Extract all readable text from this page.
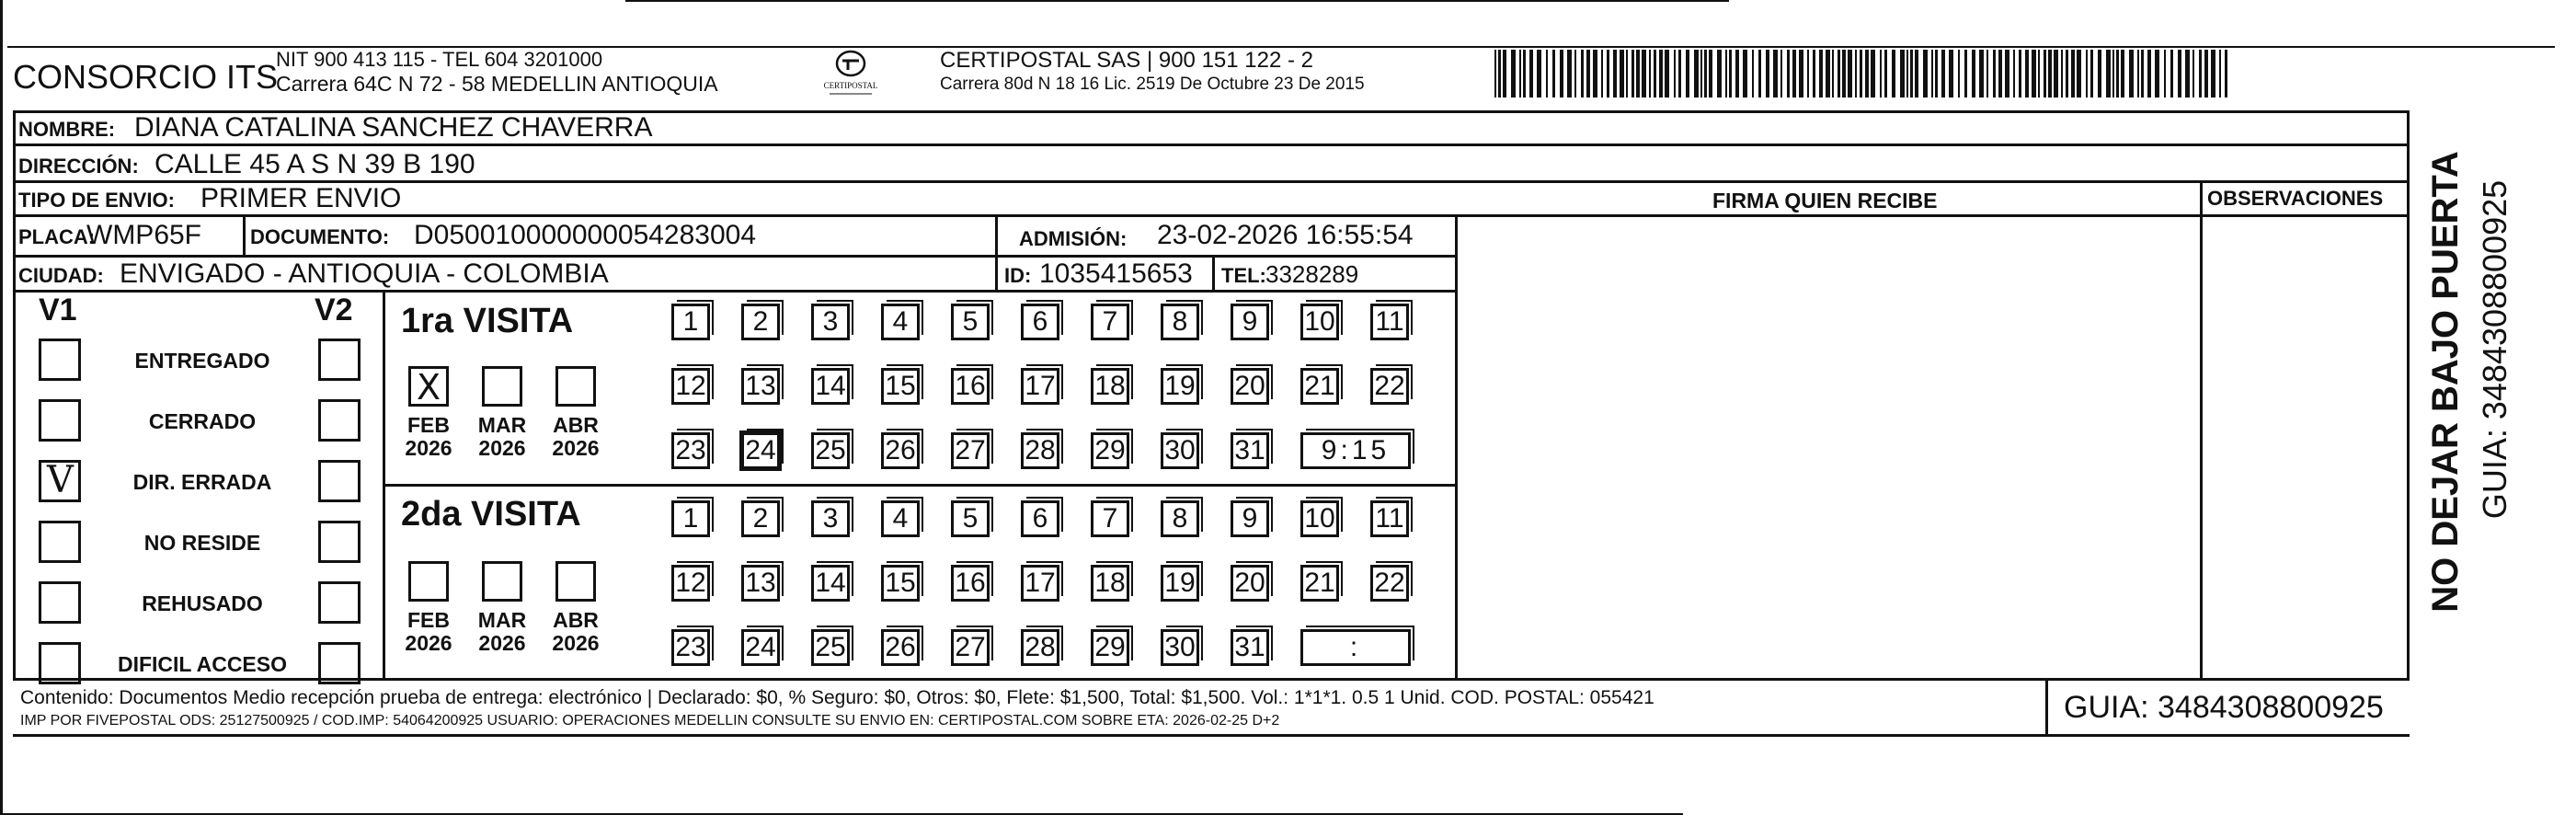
CONSORCIO ITS
NIT 900 413 115 - TEL 604 3201000
Carrera 64C N 72 - 58 MEDELLIN ANTIOQUIA	CERTIPOSTAL
CERTIPOSTAL SAS | 900 151 122 - 2
Carrera 80d N 18 16 Lic. 2519 De Octubre 23 De 2015
NOMBRE: DIANA CATALINA SANCHEZ CHAVERRA
DIRECCIÓN: CALLE 45 A S N 39 B 190
TIPO DE ENVIO: PRIMER ENVIO	FIRMA QUIEN RECIBE	OBSERVACIONES
PLACA:
WMP65F DOCUMENTO: D050010000000054283004	ADMISIÓN: 23-02-2026 16:55:54
CIUDAD: ENVIGADO - ANTIOQUIA - COLOMBIA	ID: 1035415653 TEL: 3328289
V1	V2
ENTREGADO
CERRADO
V	DIR. ERRADA
NO RESIDE
REHUSADO
DIFICIL ACCESO
1ra VISITA
2da VISITA
X
FEB
2026
MAR
2026
ABR
2026
FEB
2026
MAR
2026
ABR
2026
1	2	3	4	5	6	7	8	9	10 11
12 13 14 15 16 17 18 19 20 21 22
23 24 25 26 27 28 29 30 31	9:15
1	2	3	4	5	6	7	8	9	10 11
12 13 14 15 16 17 18 19 20 21 22
23 24 25 26 27 28 29 30 31	:
Contenido: Documentos Medio recepción prueba de entrega: electrónico | Declarado: $0, % Seguro: $0, Otros: $0, Flete: $1,500, Total: $1,500. Vol.: 1*1*1. 0.5 1 Unid. COD. POSTAL: 055421
IMP POR FIVEPOSTAL ODS: 25127500925 / COD.IMP: 54064200925 USUARIO: OPERACIONES MEDELLIN CONSULTE SU ENVIO EN: CERTIPOSTAL.COM SOBRE ETA: 2026-02-25 D+2	GUIA: 3484308800925
NO DEJAR BAJO PUERTA GUIA: 3484308800925
